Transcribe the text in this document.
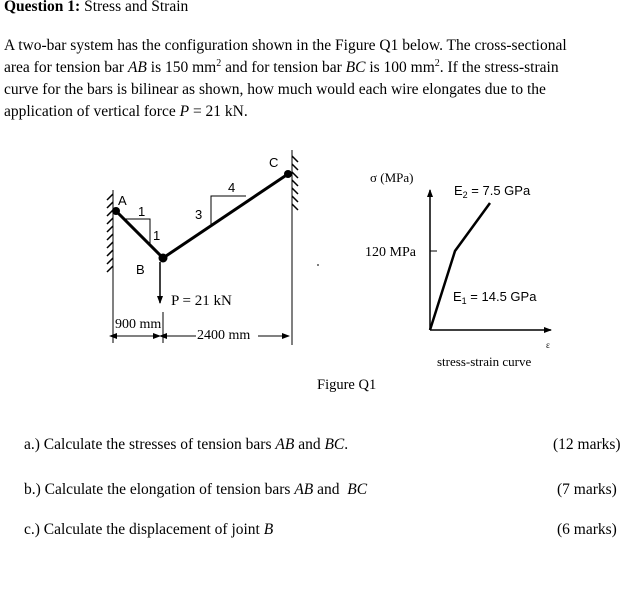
Question 1: Stress and Strain

A two-bar system has the configuration shown in the Figure Q1 below. The cross-sectional

area for tension bar AB is 150 $mm^2$ and for tension bar BC is 100 $mm^2$. If the stress-strain

curve for the bars is bilinear as shown, how much would each wire elongates due to the

application of vertical force P = 21 kN.

A
B
C
1
1
3
4
P = 21 kN
900 mm
2400 mm
σ (MPa)
120 MPa
$E_2 = 7.5$ GPa
$E_1 = 14.5$ GPa
ε
stress-strain curve
Figure Q1
a.) Calculate the stresses of tension bars AB and BC.	(12 marks)
b.) Calculate the elongation of tension bars AB and  BC	(7 marks)
c.) Calculate the displacement of joint B	(6 marks)
